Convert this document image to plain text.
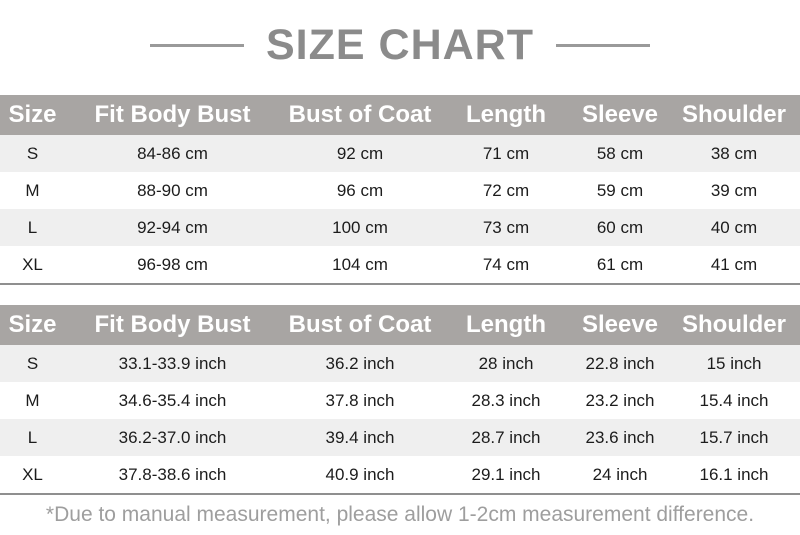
SIZE CHART
Size	Fit Body Bust	Bust of Coat	Length	Sleeve	Shoulder
S	84-86 cm	92 cm	71 cm	58 cm	38 cm
M	88-90 cm	96 cm	72 cm	59 cm	39 cm
L	92-94 cm	100 cm	73 cm	60 cm	40 cm
XL	96-98 cm	104 cm	74 cm	61 cm	41 cm
Size	Fit Body Bust	Bust of Coat	Length	Sleeve	Shoulder
S	33.1-33.9 inch	36.2 inch	28 inch	22.8 inch	15 inch
M	34.6-35.4 inch	37.8 inch	28.3 inch	23.2 inch	15.4 inch
L	36.2-37.0 inch	39.4 inch	28.7 inch	23.6 inch	15.7 inch
XL	37.8-38.6 inch	40.9 inch	29.1 inch	24 inch	16.1 inch
*Due to manual measurement, please allow 1-2cm measurement difference.
